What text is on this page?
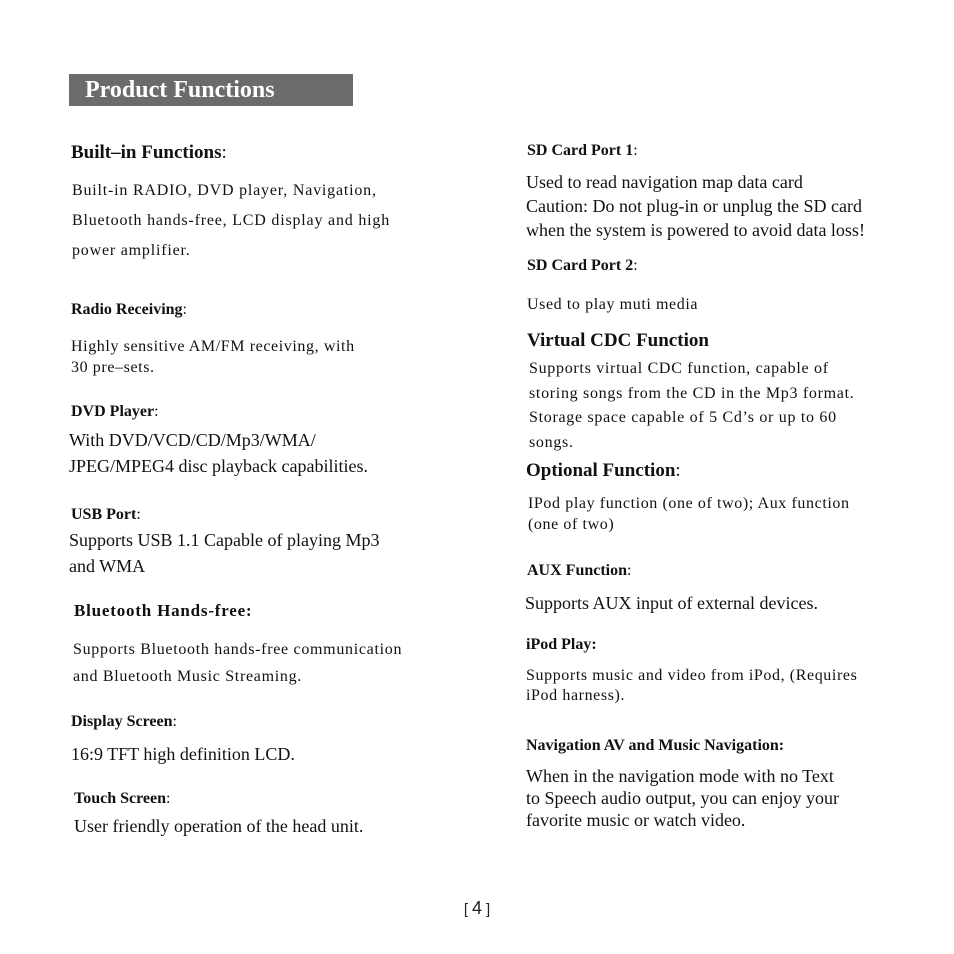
Product Functions
Built‒in Functions:
Built-in RADIO, DVD player, Navigation,
Bluetooth hands-free, LCD display and high
power amplifier.
Radio Receiving:
Highly sensitive AM/FM receiving, with
30 pre‒sets.
DVD Player:
With DVD/VCD/CD/Mp3/WMA/
JPEG/MPEG4 disc playback capabilities.
USB Port:
Supports USB 1.1 Capable of playing Mp3
and WMA
Bluetooth Hands-free:
Supports Bluetooth hands-free communication
and Bluetooth Music Streaming.
Display Screen:
16:9 TFT high definition LCD.
Touch Screen:
User friendly operation of the head unit.
SD Card Port 1:
Used to read navigation map data card
Caution: Do not plug-in or unplug the SD card
when the system is powered to avoid data loss!
SD Card Port 2:
Used to play muti media
Virtual CDC Function
Supports virtual CDC function, capable of
storing songs from the CD in the Mp3 format.
Storage space capable of 5 Cd’s or up to 60
songs.
Optional Function:
IPod play function (one of two); Aux function
(one of two)
AUX Function:
Supports AUX input of external devices.
iPod Play:
Supports music and video from iPod, (Requires
iPod harness).
Navigation AV and Music Navigation:
When in the navigation mode with no Text
to Speech audio output, you can enjoy your
favorite music or watch video.
[ 4 ]
